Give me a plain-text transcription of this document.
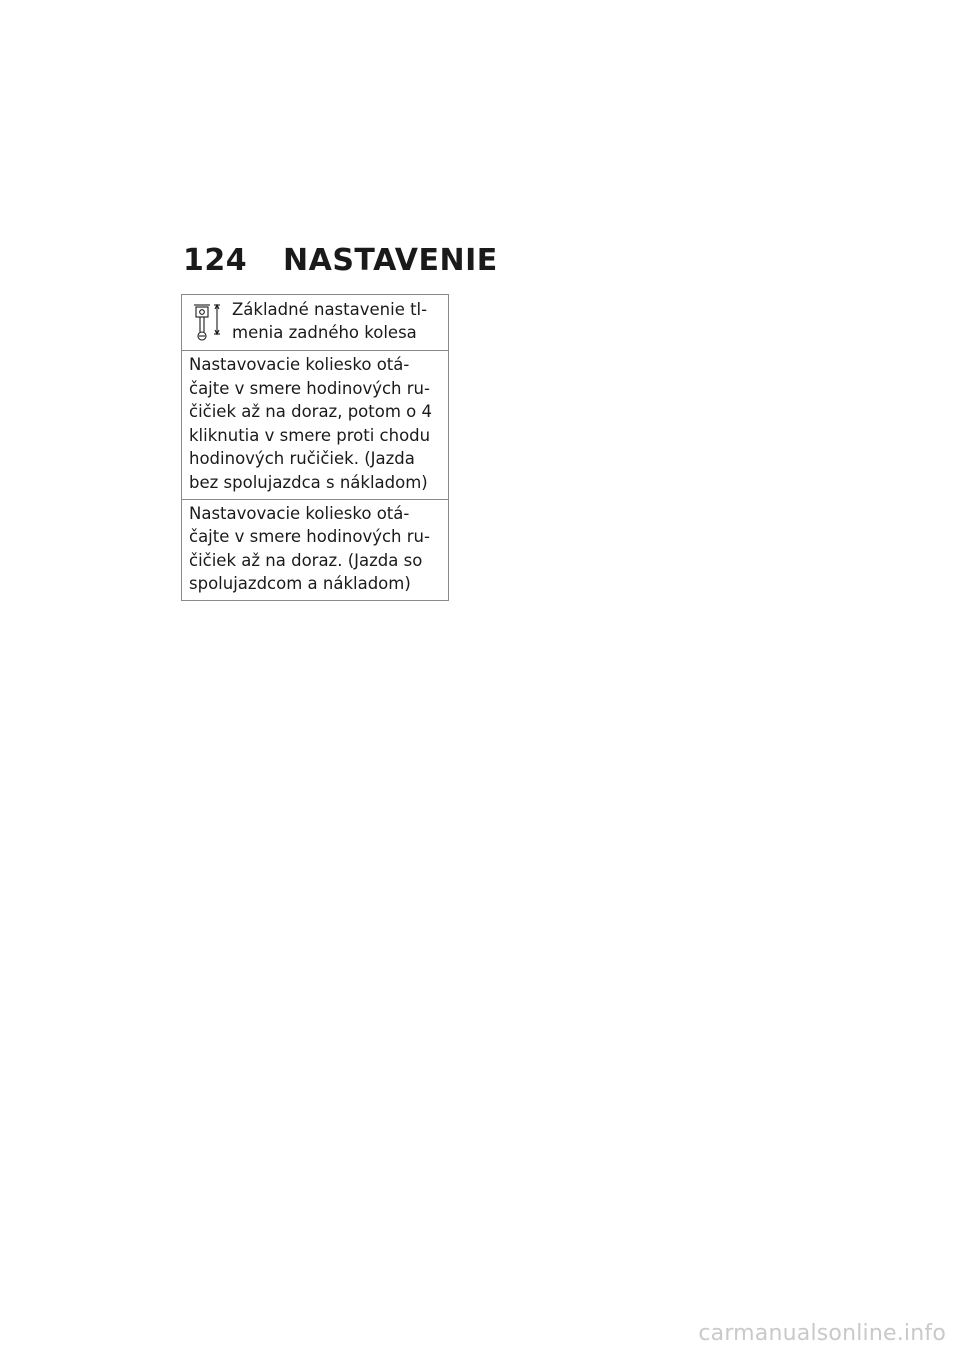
124	NASTAVENIE
Základné nastavenie tl-
menia zadného kolesa
Nastavovacie koliesko otá-
čajte v smere hodinových ru-
čičiek až na doraz, potom o 4
kliknutia v smere proti chodu
hodinových ručičiek. (Jazda
bez spolujazdca s nákladom)
Nastavovacie koliesko otá-
čajte v smere hodinových ru-
čičiek až na doraz. (Jazda so
spolujazdcom a nákladom)
carmanualsonline.info
